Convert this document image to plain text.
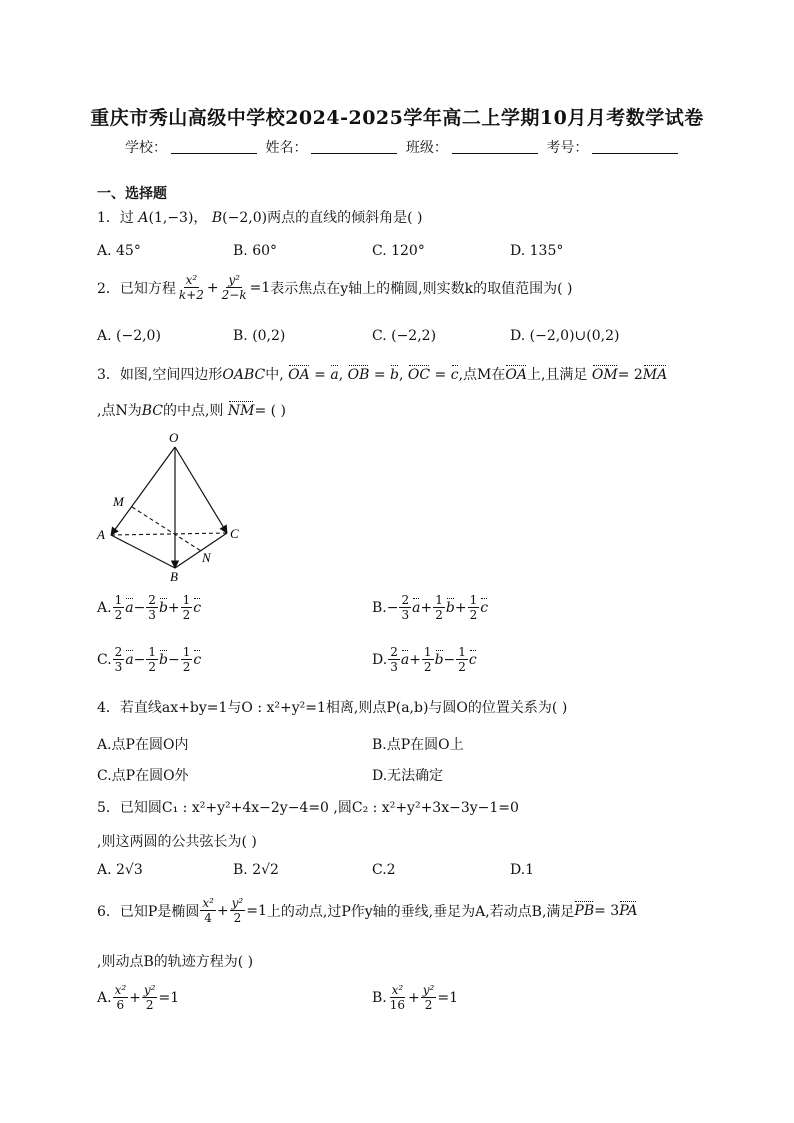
重庆市秀山高级中学校2024-2025学年高二上学期10月月考数学试卷
学校：	姓名：	班级：	考号：
一、选择题
1．过 A(1,−3)， B(−2,0)两点的直线的倾斜角是( )
A. 45°	B. 60°	C. 120°	D. 135°
2．已知方程 $\frac{\text{x²}}{k+2} + \frac{\text{y²}}{2-k} =1$ 表示焦点在y轴上的椭圆,则实数k的取值范围为( )
A. (−2,0)	B. (0,2)	C. (−2,2)	D. (−2,0)∪(0,2)
3．如图,空间四边形OABC中, OA = a, OB = b, OC = c,点M在OA上,且满足 OM= 2MA
,点N为BC的中点,则 NM= ( )
O
M
A	C
N
B
A. $\frac{1}{2}$ $a - \frac{2}{3}$ $b + \frac{1}{2}$ c	B. − $\frac{2}{3}$ $a + \frac{1}{2}$ $b + \frac{1}{2}$ c
C. $\frac{2}{3}$ $a - \frac{1}{2}$ $b - \frac{1}{2}$ c	D. $\frac{2}{3}$ $a + \frac{1}{2}$ $b - \frac{1}{2}$ c
4．若直线ax+by=1与O : x²+y²=1相离,则点P(a,b)与圆O的位置关系为( )
A.点P在圆O内	B.点P在圆O上
C.点P在圆O外	D.无法确定
5．已知圆C₁ : x²+y²+4x−2y−4=0 ,圆C₂ : x²+y²+3x−3y−1=0
,则这两圆的公共弦长为( )
A. 2√3	B. 2√2	C.2	D.1
6．已知P是椭圆 $\frac{\text{x²}}{4} + \frac{\text{y²}}{2} =1$ 上的动点,过P作y轴的垂线,垂足为A,若动点B,满足 PB = 3 PA
,则动点B的轨迹方程为( )
A. $\frac{\text{x²}}{6} + \frac{\text{y²}}{2} =1$	B. $\frac{\text{x²}}{16} + \frac{\text{y²}}{2} =1$
